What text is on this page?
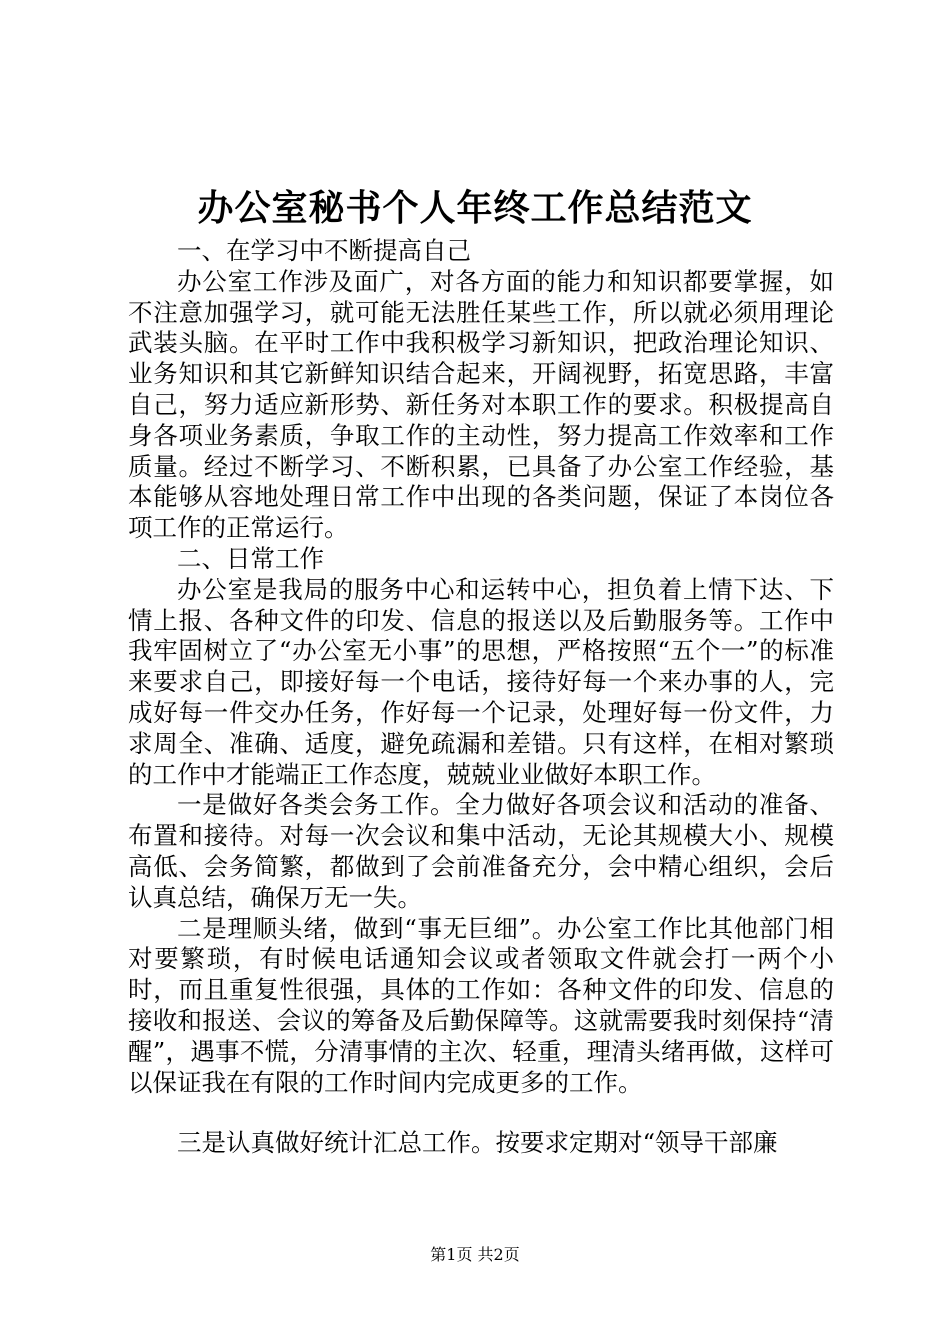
办公室秘书个人年终工作总结范文

一、在学习中不断提高自己

办公室工作涉及面广，对各方面的能力和知识都要掌握，如不注意加强学习，就可能无法胜任某些工作，所以就必须用理论武装头脑。在平时工作中我积极学习新知识，把政治理论知识、业务知识和其它新鲜知识结合起来，开阔视野，拓宽思路，丰富自己，努力适应新形势、新任务对本职工作的要求。积极提高自身各项业务素质，争取工作的主动性，努力提高工作效率和工作质量。经过不断学习、不断积累，已具备了办公室工作经验，基本能够从容地处理日常工作中出现的各类问题，保证了本岗位各项工作的正常运行。

二、日常工作

办公室是我局的服务中心和运转中心，担负着上情下达、下情上报、各种文件的印发、信息的报送以及后勤服务等。工作中我牢固树立了“办公室无小事”的思想，严格按照“五个一”的标准来要求自己，即接好每一个电话，接待好每一个来办事的人，完成好每一件交办任务，作好每一个记录，处理好每一份文件，力求周全、准确、适度，避免疏漏和差错。只有这样，在相对繁琐的工作中才能端正工作态度，兢兢业业做好本职工作。

一是做好各类会务工作。全力做好各项会议和活动的准备、布置和接待。对每一次会议和集中活动，无论其规模大小、规模高低、会务简繁，都做到了会前准备充分，会中精心组织，会后认真总结，确保万无一失。

二是理顺头绪，做到“事无巨细”。办公室工作比其他部门相对要繁琐，有时候电话通知会议或者领取文件就会打一两个小时，而且重复性很强，具体的工作如：各种文件的印发、信息的接收和报送、会议的筹备及后勤保障等。这就需要我时刻保持“清醒”，遇事不慌，分清事情的主次、轻重，理清头绪再做，这样可以保证我在有限的工作时间内完成更多的工作。

三是认真做好统计汇总工作。按要求定期对“领导干部廉

第1页 共2页
